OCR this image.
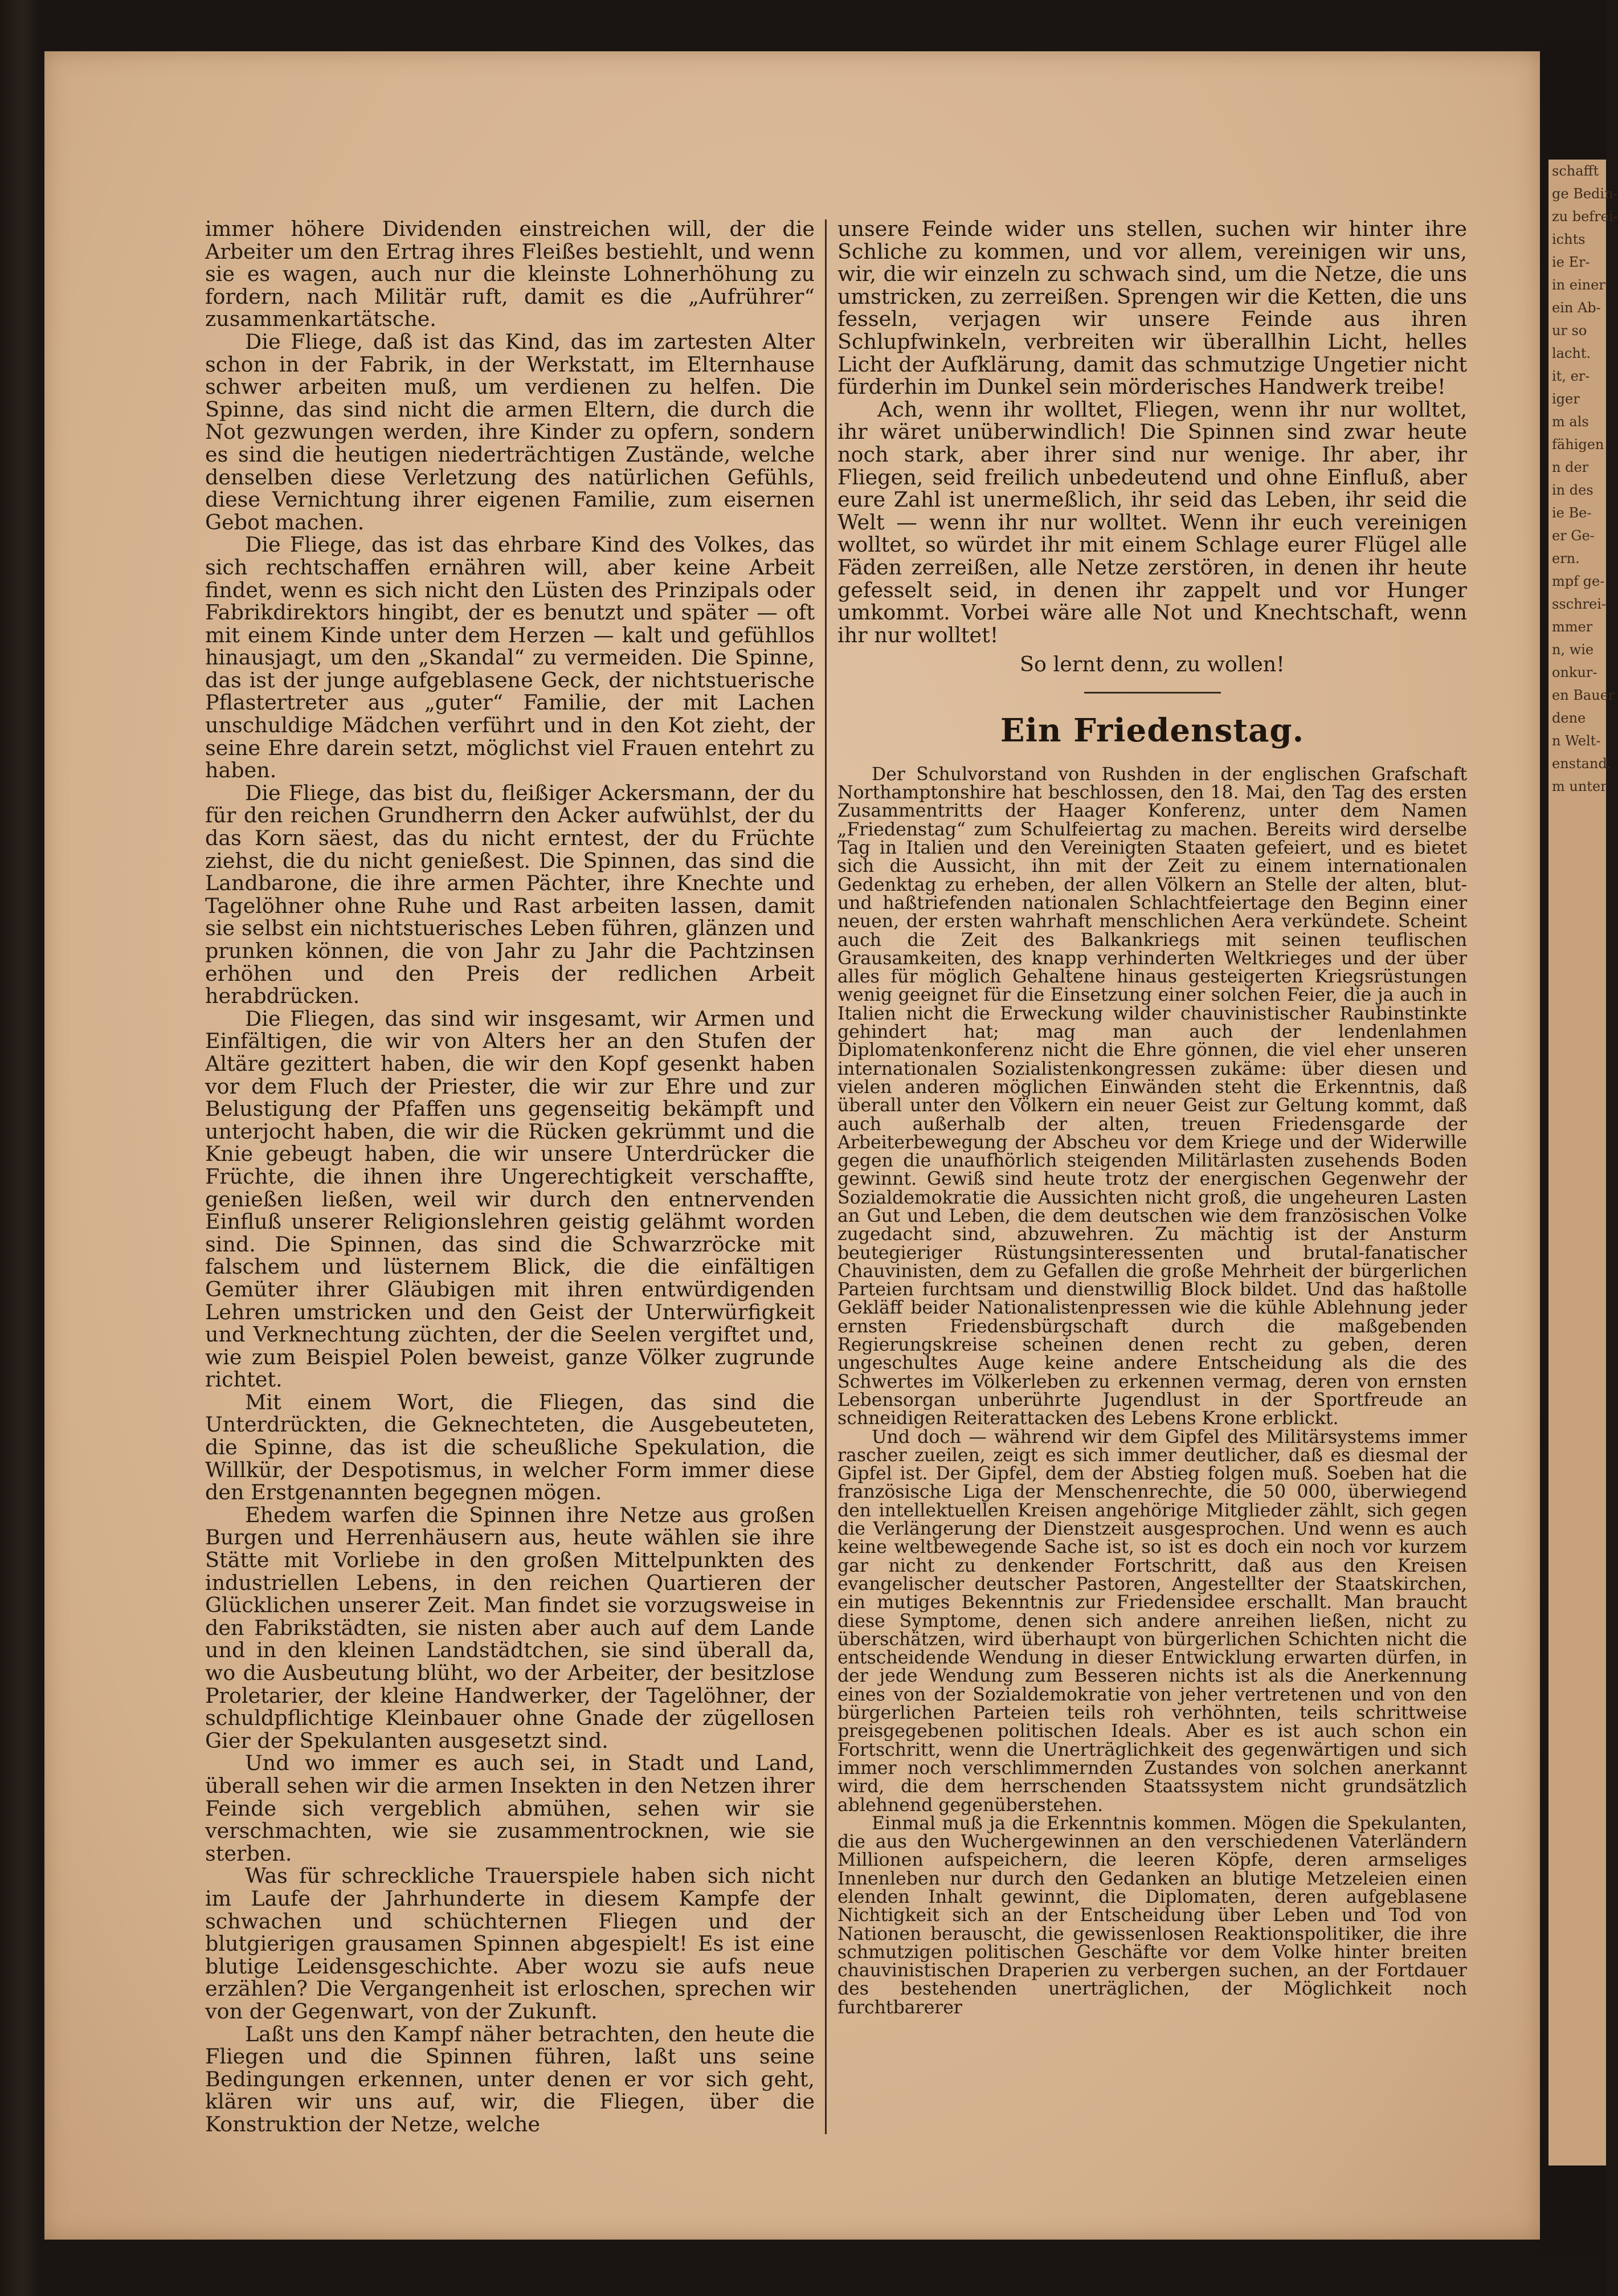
schafft
ge Bedin-
zu befrei-
ichts
ie Er-
in einer
ein Ab-
ur so
lacht.
it, er-
iger
m als
fähigen
n der
in des
ie Be-
er Ge-
ern.
mpf ge-
sschrei-
mmer
n, wie
onkur-
en Bauer
dene
n Welt-
enstand.
m unter

immer höhere Dividenden einstreichen will, der die Arbeiter um den Ertrag ihres Fleißes bestiehlt, und wenn sie es wagen, auch nur die kleinste Lohnerhöhung zu fordern, nach Militär ruft, damit es die „Aufrührer“ zusammenkartätsche.

Die Fliege, daß ist das Kind, das im zartesten Alter schon in der Fabrik, in der Werkstatt, im Elternhause schwer arbeiten muß, um verdienen zu helfen. Die Spinne, das sind nicht die armen Eltern, die durch die Not gezwungen werden, ihre Kinder zu opfern, sondern es sind die heutigen niederträchtigen Zustände, welche denselben diese Verletzung des natürlichen Gefühls, diese Vernichtung ihrer eigenen Familie, zum eisernen Gebot machen.

Die Fliege, das ist das ehrbare Kind des Volkes, das sich rechtschaffen ernähren will, aber keine Arbeit findet, wenn es sich nicht den Lüsten des Prinzipals oder Fabrikdirektors hingibt, der es benutzt und später — oft mit einem Kinde unter dem Herzen — kalt und gefühllos hinausjagt, um den „Skandal“ zu vermeiden. Die Spinne, das ist der junge aufgeblasene Geck, der nichtstuerische Pflastertreter aus „guter“ Familie, der mit Lachen unschuldige Mädchen verführt und in den Kot zieht, der seine Ehre darein setzt, möglichst viel Frauen entehrt zu haben.

Die Fliege, das bist du, fleißiger Ackersmann, der du für den reichen Grundherrn den Acker aufwühlst, der du das Korn säest, das du nicht erntest, der du Früchte ziehst, die du nicht genießest. Die Spinnen, das sind die Landbarone, die ihre armen Pächter, ihre Knechte und Tagelöhner ohne Ruhe und Rast arbeiten lassen, damit sie selbst ein nichtstuerisches Leben führen, glänzen und prunken können, die von Jahr zu Jahr die Pachtzinsen erhöhen und den Preis der redlichen Arbeit herabdrücken.

Die Fliegen, das sind wir insgesamt, wir Armen und Einfältigen, die wir von Alters her an den Stufen der Altäre gezittert haben, die wir den Kopf gesenkt haben vor dem Fluch der Priester, die wir zur Ehre und zur Belustigung der Pfaffen uns gegenseitig bekämpft und unterjocht haben, die wir die Rücken gekrümmt und die Knie gebeugt haben, die wir unsere Unterdrücker die Früchte, die ihnen ihre Ungerechtigkeit verschaffte, genießen ließen, weil wir durch den entnervenden Einfluß unserer Religionslehren geistig gelähmt worden sind. Die Spinnen, das sind die Schwarzröcke mit falschem und lüsternem Blick, die die einfältigen Gemüter ihrer Gläubigen mit ihren entwürdigenden Lehren umstricken und den Geist der Unterwürfigkeit und Verknechtung züchten, der die Seelen vergiftet und, wie zum Beispiel Polen beweist, ganze Völker zugrunde richtet.

Mit einem Wort, die Fliegen, das sind die Unterdrückten, die Geknechteten, die Ausgebeuteten, die Spinne, das ist die scheußliche Spekulation, die Willkür, der Despotismus, in welcher Form immer diese den Erstgenannten begegnen mögen.

Ehedem warfen die Spinnen ihre Netze aus großen Burgen und Herrenhäusern aus, heute wählen sie ihre Stätte mit Vorliebe in den großen Mittelpunkten des industriellen Lebens, in den reichen Quartieren der Glücklichen unserer Zeit. Man findet sie vorzugsweise in den Fabrikstädten, sie nisten aber auch auf dem Lande und in den kleinen Landstädtchen, sie sind überall da, wo die Ausbeutung blüht, wo der Arbeiter, der besitzlose Proletarier, der kleine Handwerker, der Tagelöhner, der schuldpflichtige Kleinbauer ohne Gnade der zügellosen Gier der Spekulanten ausgesetzt sind.

Und wo immer es auch sei, in Stadt und Land, überall sehen wir die armen Insekten in den Netzen ihrer Feinde sich vergeblich abmühen, sehen wir sie verschmachten, wie sie zusammentrocknen, wie sie sterben.

Was für schreckliche Trauerspiele haben sich nicht im Laufe der Jahrhunderte in diesem Kampfe der schwachen und schüchternen Fliegen und der blutgierigen grausamen Spinnen abgespielt! Es ist eine blutige Leidensgeschichte. Aber wozu sie aufs neue erzählen? Die Vergangenheit ist erloschen, sprechen wir von der Gegenwart, von der Zukunft.

Laßt uns den Kampf näher betrachten, den heute die Fliegen und die Spinnen führen, laßt uns seine Bedingungen erkennen, unter denen er vor sich geht, klären wir uns auf, wir, die Fliegen, über die Konstruktion der Netze, welche

unsere Feinde wider uns stellen, suchen wir hinter ihre Schliche zu kommen, und vor allem, vereinigen wir uns, wir, die wir einzeln zu schwach sind, um die Netze, die uns umstricken, zu zerreißen. Sprengen wir die Ketten, die uns fesseln, verjagen wir unsere Feinde aus ihren Schlupfwinkeln, verbreiten wir überallhin Licht, helles Licht der Aufklärung, damit das schmutzige Ungetier nicht fürderhin im Dunkel sein mörderisches Handwerk treibe!

Ach, wenn ihr wolltet, Fliegen, wenn ihr nur wolltet, ihr wäret unüberwindlich! Die Spinnen sind zwar heute noch stark, aber ihrer sind nur wenige. Ihr aber, ihr Fliegen, seid freilich unbedeutend und ohne Einfluß, aber eure Zahl ist unermeßlich, ihr seid das Leben, ihr seid die Welt — wenn ihr nur wolltet. Wenn ihr euch vereinigen wolltet, so würdet ihr mit einem Schlage eurer Flügel alle Fäden zerreißen, alle Netze zerstören, in denen ihr heute gefesselt seid, in denen ihr zappelt und vor Hunger umkommt. Vorbei wäre alle Not und Knechtschaft, wenn ihr nur wolltet!

So lernt denn, zu wollen!

Ein Friedenstag.

Der Schulvorstand von Rushden in der englischen Grafschaft Northamptonshire hat beschlossen, den 18. Mai, den Tag des ersten Zusammentritts der Haager Konferenz, unter dem Namen „Friedenstag“ zum Schulfeiertag zu machen. Bereits wird derselbe Tag in Italien und den Vereinigten Staaten gefeiert, und es bietet sich die Aussicht, ihn mit der Zeit zu einem internationalen Gedenktag zu erheben, der allen Völkern an Stelle der alten, blut- und haßtriefenden nationalen Schlachtfeiertage den Beginn einer neuen, der ersten wahrhaft menschlichen Aera verkündete. Scheint auch die Zeit des Balkankriegs mit seinen teuflischen Grausamkeiten, des knapp verhinderten Weltkrieges und der über alles für möglich Gehaltene hinaus gesteigerten Kriegsrüstungen wenig geeignet für die Einsetzung einer solchen Feier, die ja auch in Italien nicht die Erweckung wilder chauvinistischer Raubinstinkte gehindert hat; mag man auch der lendenlahmen Diplomatenkonferenz nicht die Ehre gönnen, die viel eher unseren internationalen Sozialistenkongressen zukäme: über diesen und vielen anderen möglichen Einwänden steht die Erkenntnis, daß überall unter den Völkern ein neuer Geist zur Geltung kommt, daß auch außerhalb der alten, treuen Friedensgarde der Arbeiterbewegung der Abscheu vor dem Kriege und der Widerwille gegen die unaufhörlich steigenden Militärlasten zusehends Boden gewinnt. Gewiß sind heute trotz der energischen Gegenwehr der Sozialdemokratie die Aussichten nicht groß, die ungeheuren Lasten an Gut und Leben, die dem deutschen wie dem französischen Volke zugedacht sind, abzuwehren. Zu mächtig ist der Ansturm beutegieriger Rüstungsinteressenten und brutal-fanatischer Chauvinisten, dem zu Gefallen die große Mehrheit der bürgerlichen Parteien furchtsam und dienstwillig Block bildet. Und das haßtolle Gekläff beider Nationalistenpressen wie die kühle Ablehnung jeder ernsten Friedensbürgschaft durch die maßgebenden Regierungskreise scheinen denen recht zu geben, deren ungeschultes Auge keine andere Entscheidung als die des Schwertes im Völkerleben zu erkennen vermag, deren von ernsten Lebensorgan unberührte Jugendlust in der Sportfreude an schneidigen Reiterattacken des Lebens Krone erblickt.

Und doch — während wir dem Gipfel des Militärsystems immer rascher zueilen, zeigt es sich immer deutlicher, daß es diesmal der Gipfel ist. Der Gipfel, dem der Abstieg folgen muß. Soeben hat die französische Liga der Menschenrechte, die 50 000, überwiegend den intellektuellen Kreisen angehörige Mitglieder zählt, sich gegen die Verlängerung der Dienstzeit ausgesprochen. Und wenn es auch keine weltbewegende Sache ist, so ist es doch ein noch vor kurzem gar nicht zu denkender Fortschritt, daß aus den Kreisen evangelischer deutscher Pastoren, Angestellter der Staatskirchen, ein mutiges Bekenntnis zur Friedensidee erschallt. Man braucht diese Symptome, denen sich andere anreihen ließen, nicht zu überschätzen, wird überhaupt von bürgerlichen Schichten nicht die entscheidende Wendung in dieser Entwicklung erwarten dürfen, in der jede Wendung zum Besseren nichts ist als die Anerkennung eines von der Sozialdemokratie von jeher vertretenen und von den bürgerlichen Parteien teils roh verhöhnten, teils schrittweise preisgegebenen politischen Ideals. Aber es ist auch schon ein Fortschritt, wenn die Unerträglichkeit des gegenwärtigen und sich immer noch verschlimmernden Zustandes von solchen anerkannt wird, die dem herrschenden Staatssystem nicht grundsätzlich ablehnend gegenüberstehen.

Einmal muß ja die Erkenntnis kommen. Mögen die Spekulanten, die aus den Wuchergewinnen an den verschiedenen Vaterländern Millionen aufspeichern, die leeren Köpfe, deren armseliges Innenleben nur durch den Gedanken an blutige Metzeleien einen elenden Inhalt gewinnt, die Diplomaten, deren aufgeblasene Nichtigkeit sich an der Entscheidung über Leben und Tod von Nationen berauscht, die gewissenlosen Reaktionspolitiker, die ihre schmutzigen politischen Geschäfte vor dem Volke hinter breiten chauvinistischen Draperien zu verbergen suchen, an der Fortdauer des bestehenden unerträglichen, der Möglichkeit noch furchtbarerer
